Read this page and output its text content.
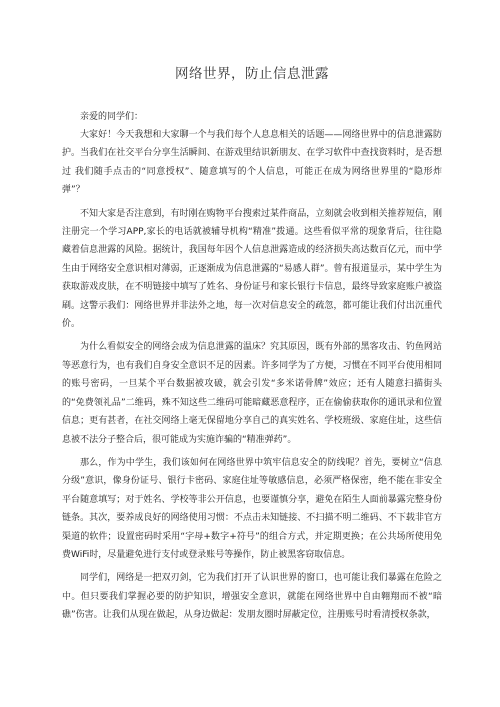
网络世界，防止信息泄露

亲爱的同学们：

大家好！今天我想和大家聊一个与我们每个人息息相关的话题——网络世界中的信息泄露防护。当我们在社交平台分享生活瞬间、在游戏里结识新朋友、在学习软件中查找资料时，是否想过 我们随手点击的“同意授权”、随意填写的个人信息，可能正在成为网络世界里的“隐形炸弹”？

不知大家是否注意到，有时刚在购物平台搜索过某件商品，立刻就会收到相关推荐短信，刚注册完一个学习APP,家长的电话就被辅导机构“精准”拨通。这些看似平常的现象背后，往往隐藏着信息泄露的风险。据统计，我国每年因个人信息泄露造成的经济损失高达数百亿元，而中学生由于网络安全意识相对薄弱，正逐渐成为信息泄露的“易感人群”。曾有报道显示，某中学生为获取游戏皮肤，在不明链接中填写了姓名、身份证号和家长银行卡信息，最终导致家庭账户被盗刷。这警示我们：网络世界并非法外之地，每一次对信息安全的疏忽，都可能让我们付出沉重代价。

为什么看似安全的网络会成为信息泄露的温床？究其原因，既有外部的黑客攻击、钓鱼网站等恶意行为，也有我们自身安全意识不足的因素。许多同学为了方便，习惯在不同平台使用相同的账号密码，一旦某个平台数据被攻破，就会引发“多米诺骨牌”效应；还有人随意扫描街头的“免费领礼品”二维码，殊不知这些二维码可能暗藏恶意程序，正在偷偷获取你的通讯录和位置信息；更有甚者，在社交网络上毫无保留地分享自己的真实姓名、学校班级、家庭住址，这些信息被不法分子整合后，很可能成为实施诈骗的“精准弹药”。

那么，作为中学生，我们该如何在网络世界中筑牢信息安全的防线呢？首先，要树立“信息分级”意识，像身份证号、银行卡密码、家庭住址等敏感信息，必须严格保密，绝不能在非安全平台随意填写；对于姓名、学校等非公开信息，也要谨慎分享，避免在陌生人面前暴露完整身份链条。其次，要养成良好的网络使用习惯：不点击未知链接、不扫描不明二维码、不下载非官方渠道的软件；设置密码时采用“字母+数字+符号”的组合方式，并定期更换；在公共场所使用免费WiFi时，尽量避免进行支付或登录账号等操作，防止被黑客窃取信息。

同学们，网络是一把双刃剑，它为我们打开了认识世界的窗口，也可能让我们暴露在危险之中。但只要我们掌握必要的防护知识，增强安全意识，就能在网络世界中自由翱翔而不被“暗礁”伤害。让我们从现在做起，从身边做起：发朋友圈时屏蔽定位，注册账号时看清授权条款，
